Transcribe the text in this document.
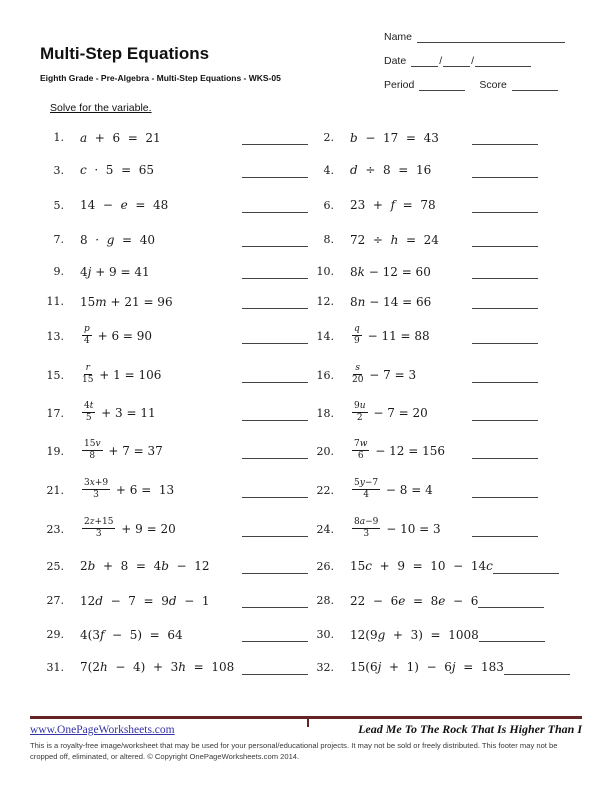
Multi-Step Equations
Eighth Grade - Pre-Algebra - Multi-Step Equations - WKS-05
Name
Date	/	/
Period	Score
Solve for the variable.
1. a +  6  =  21	2. b −  17  =  43
3. c ·  5  =  65	4. d ÷  8  =  16
5. 14  − e =  48	6. 23  + f =  78
7. 8  · g =  40	8. 72  ÷ h =  24
9. 4 j + 9 = 41	10. 8 k − 12 = 60
11. 15 m + 21 = 96	12. 8 n − 14 = 66
13. $\frac{p}{4} + 6 = 90$	14. $\frac{q}{9} - 11 = 88$
15. $\frac{r}{15} + 1 = 106$	16. $\frac{s}{20} - 7 = 3$
17. $\frac{4 t}{5} + 3 = 11$	18. $\frac{9 u}{2} - 7 = 20$
19. $\frac{15 v}{8} + 7 = 37$	20. $\frac{7 w}{6} - 12 = 156$
21. $\frac{3 x +9}{3} + 6 = 13$	22. $\frac{5 y -7}{4} - 8 = 4$
23. $\frac{2 z +15}{3} + 9 = 20$	24. $\frac{8 a -9}{3} - 10 = 3$
25. 2 b +  8  =  4 b −  12	26. 15 c +  9  =  10  −  14 c
27. 12 d −  7  =  9 d −  1	28. 22  −  6 e =  8 e −  6
29. 4(3 f −  5)  =  64	30. 12(9 g +  3)  =  1008
31. 7(2 h −  4)  +  3 h =  108	32. 15(6 j +  1)  −  6 j =  183
www.OnePageWorksheets.com	Lead Me To The Rock That Is Higher Than I
This is a royalty-free image/worksheet that may be used for your personal/educational projects. It may not be sold or freely distributed. This footer may not be cropped off, eliminated, or altered. © Copyright OnePageWorksheets.com 2014.
